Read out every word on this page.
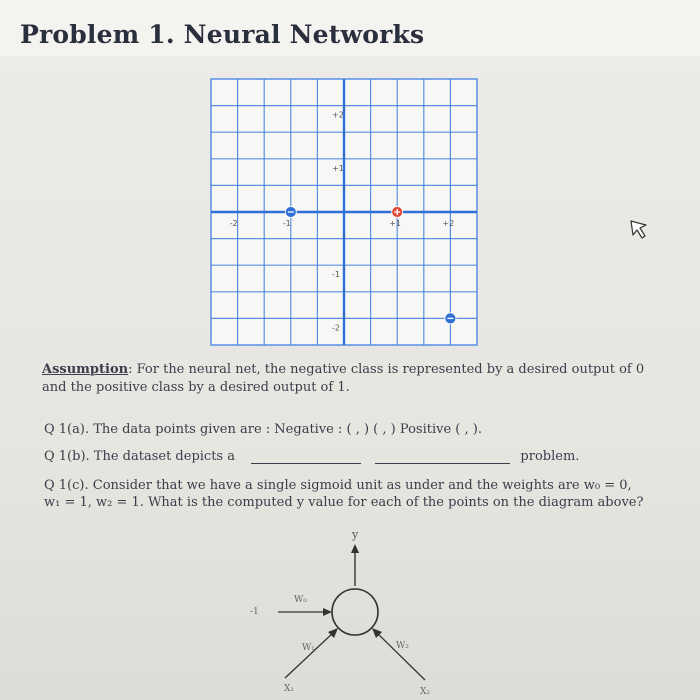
Problem 1. Neural Networks
-2	-1	+1	+2
+2
+1
-1
-2
Assumption: For the neural net, the negative class is represented by a desired output of 0
and the positive class by a desired output of 1.
Q 1(a). The data points given are : Negative : ( , ) ( , ) Positive ( , ).
Q 1(b). The dataset depicts a	problem.
Q 1(c). Consider that we have a single sigmoid unit as under and the weights are w₀ = 0,
w₁ = 1, w₂ = 1. What is the computed y value for each of the points on the diagram above?
y
-1
W₀
W₁
X₁
W₂
X₂
